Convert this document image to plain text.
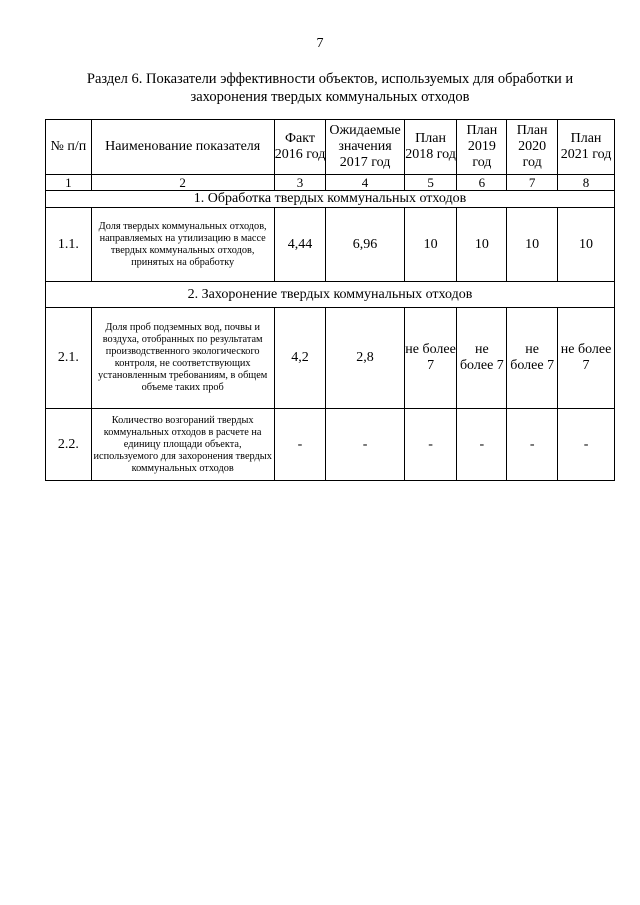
7
Раздел 6. Показатели эффективности объектов, используемых для обработки и захоронения твердых коммунальных отходов
№ п/п	Наименование показателя	Факт 2016 год	Ожидаемые значения 2017 год	План 2018 год	План 2019 год	План 2020 год	План 2021 год
1	2	3	4	5	6	7	8
1. Обработка твердых коммунальных отходов							
1.1.	Доля твердых коммунальных отходов, направляемых на утилизацию в массе твердых коммунальных отходов, принятых на обработку	4,44	6,96	10	10	10	10
2. Захоронение твердых коммунальных отходов							
2.1.	Доля проб подземных вод, почвы и воздуха, отобранных по результатам производственного экологического контроля, не соответствующих установленным требованиям, в общем объеме таких проб	4,2	2,8	не более 7	не более 7	не более 7	не более 7
2.2.	Количество возгораний твердых коммунальных отходов в расчете на единицу площади объекта, используемого для захоронения твердых коммунальных отходов	-	-	-	-	-	-
